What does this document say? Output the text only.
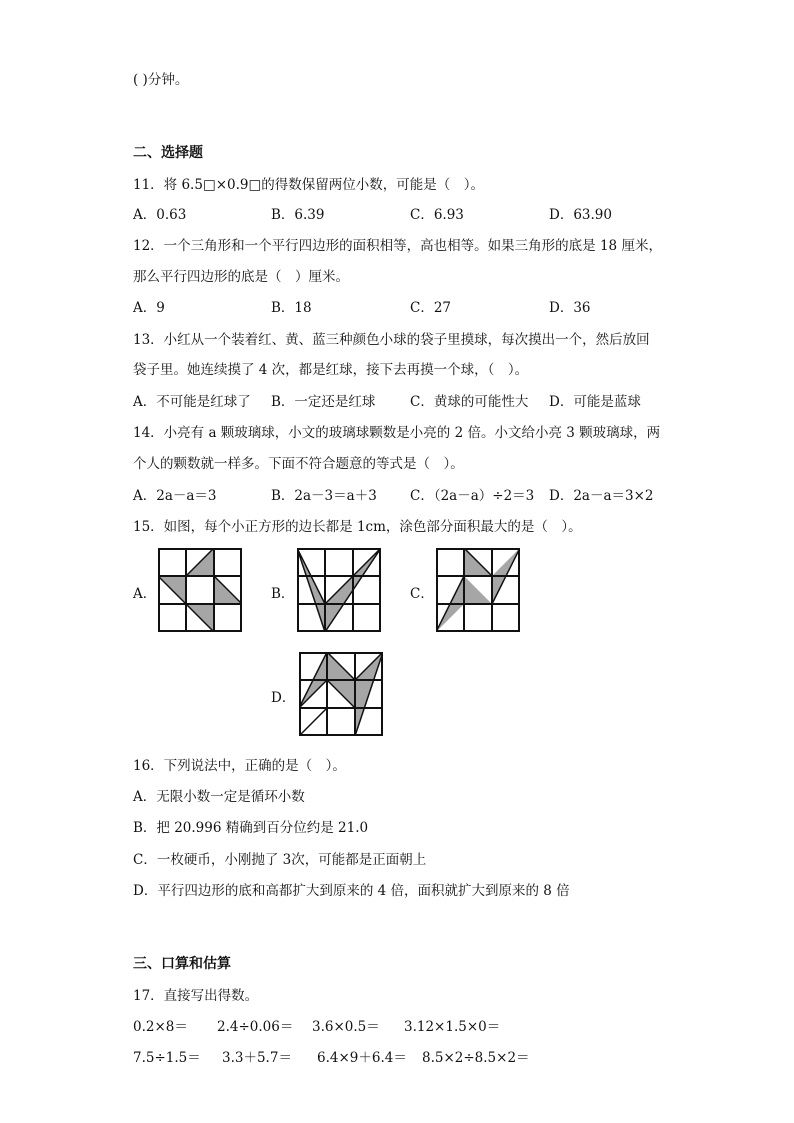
( )分钟。
二、选择题
11．将 6.5□×0.9□的得数保留两位小数，可能是（　）。
A．0.63	B．6.39	C．6.93	D．63.90
12．一个三角形和一个平行四边形的面积相等，高也相等。如果三角形的底是 18 厘米，
那么平行四边形的底是（　）厘米。
A．9	B．18	C．27	D．36
13．小红从一个装着红、黄、蓝三种颜色小球的袋子里摸球，每次摸出一个，然后放回
袋子里。她连续摸了 4 次，都是红球，接下去再摸一个球，（　）。
A．不可能是红球了 B．一定还是红球	C．黄球的可能性大 D．可能是蓝球
14．小亮有 a 颗玻璃球，小文的玻璃球颗数是小亮的 2 倍。小文给小亮 3 颗玻璃球，两
个人的颗数就一样多。下面不符合题意的等式是（　）。
A．2a－a＝3	B．2a－3＝a＋3 C．（2a－a）÷2＝3 D．2a－a＝3×2
15．如图，每个小正方形的边长都是 1cm，涂色部分面积最大的是（　）。
A．	B．	C．
D．
16．下列说法中，正确的是（　）。
A．无限小数一定是循环小数
B．把 20.996 精确到百分位约是 21.0
C．一枚硬币，小刚抛了 3次，可能都是正面朝上
D．平行四边形的底和高都扩大到原来的 4 倍，面积就扩大到原来的 8 倍
三、口算和估算
17．直接写出得数。
0.2×8＝ 2.4÷0.06＝ 3.6×0.5＝ 3.12×1.5×0＝
7.5÷1.5＝ 3.3＋5.7＝ 6.4×9＋6.4＝ 8.5×2÷8.5×2＝
